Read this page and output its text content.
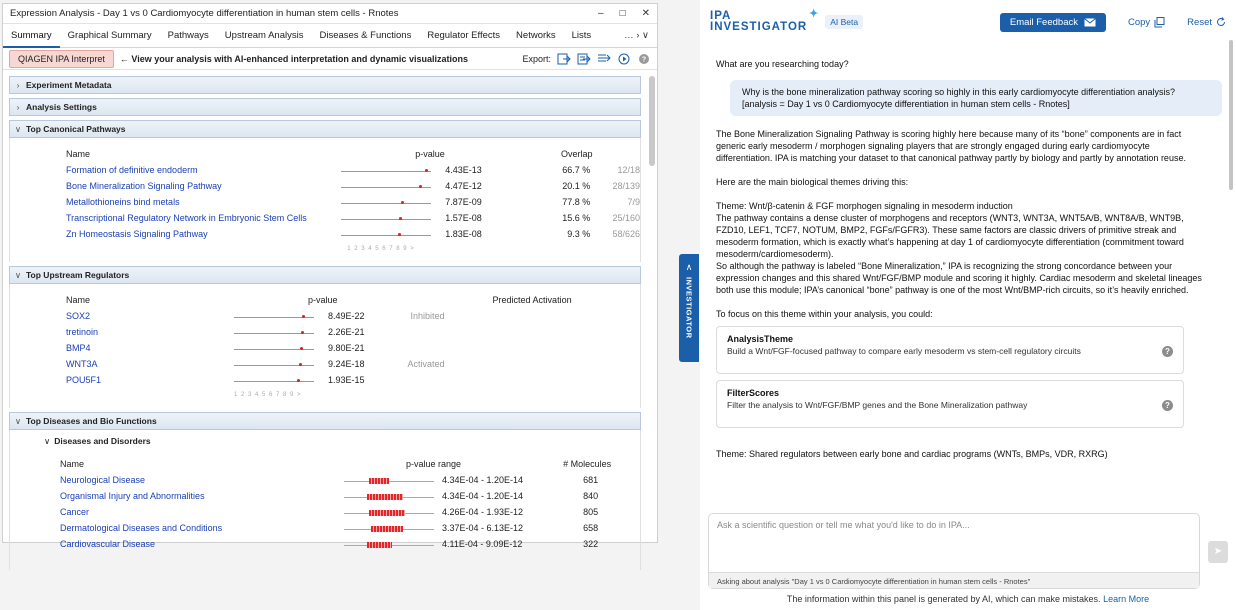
Expression Analysis - Day 1 vs 0 Cardiomyocyte differentiation in human stem cells - Rnotes	– □ ✕
Summary	Graphical Summary	Pathways	Upstream Analysis	Diseases & Functions	Regulator Effects	Networks	Lists	… › ∨
QIAGEN IPA Interpret	← View your analysis with AI-enhanced interpretation and dynamic visualizations	Export:	?
› Experiment Metadata
› Analysis Settings
∨ Top Canonical Pathways
Name	p-value	Overlap	
Formation of definitive endoderm	4.43E-13	66.7 %	12/18
Bone Mineralization Signaling Pathway	4.47E-12	20.1 %	28/139
Metallothioneins bind metals	7.87E-09	77.8 %	7/9
Transcriptional Regulatory Network in Embryonic Stem Cells	1.57E-08	15.6 %	25/160
Zn Homeostasis Signaling Pathway	1.83E-08	9.3 %	58/626
	1 2 3 4 5 6 7 8 9 >		
∨ Top Upstream Regulators
Name	p-value		Predicted Activation
SOX2	8.49E-22	Inhibited	
tretinoin	2.26E-21		
BMP4	9.80E-21		
WNT3A	9.24E-18	Activated	
POU5F1	1.93E-15		
	1 2 3 4 5 6 7 8 9 >		
∨ Top Diseases and Bio Functions
∨ Diseases and Disorders
Name	p-value range	# Molecules
Neurological Disease	4.34E-04 - 1.20E-14	681
Organismal Injury and Abnormalities	4.34E-04 - 1.20E-14	840
Cancer	4.26E-04 - 1.93E-12	805
Dermatological Diseases and Conditions	3.37E-04 - 6.13E-12	658
Cardiovascular Disease	4.11E-04 - 9.09E-12	322
∧
INVESTIGATOR
IPA
INVESTIGATOR
✦
AI Beta	Email Feedback	Copy	Reset
What are you researching today?
Why is the bone mineralization pathway scoring so highly in this early cardiomyocyte differentiation analysis?
[analysis = Day 1 vs 0 Cardiomyocyte differentiation in human stem cells - Rnotes]
The Bone Mineralization Signaling Pathway is scoring highly here because many of its “bone” components are in fact generic early mesoderm / morphogen signaling players that are strongly engaged during early cardiomyocyte differentiation. IPA is matching your dataset to that canonical pathway partly by biology and partly by annotation reuse.
Here are the main biological themes driving this:
Theme: Wnt/β-catenin & FGF morphogen signaling in mesoderm induction
The pathway contains a dense cluster of morphogens and receptors (WNT3, WNT3A, WNT5A/B, WNT8A/B, WNT9B, FZD10, LEF1, TCF7, NOTUM, BMP2, FGFs/FGFR3). These same factors are classic drivers of primitive streak and mesoderm formation, which is exactly what’s happening at day 1 of cardiomyocyte differentiation (commitment toward mesoderm/cardiomesoderm).
So although the pathway is labeled “Bone Mineralization,” IPA is recognizing the strong concordance between your expression changes and this shared Wnt/FGF/BMP module and scoring it highly. Cardiac mesoderm and skeletal lineages both use this module; IPA’s canonical “bone” pathway is one of the most Wnt/BMP-rich circuits, so it’s heavily enriched.
To focus on this theme within your analysis, you could:
AnalysisTheme
Build a Wnt/FGF-focused pathway to compare early mesoderm vs stem-cell regulatory circuits	?
FilterScores
Filter the analysis to Wnt/FGF/BMP genes and the Bone Mineralization pathway	?
Theme: Shared regulators between early bone and cardiac programs (WNTs, BMPs, VDR, RXRG)
Ask a scientific question or tell me what you'd like to do in IPA...
Asking about analysis "Day 1 vs 0 Cardiomyocyte differentiation in human stem cells - Rnotes"
➤
The information within this panel is generated by AI, which can make mistakes. Learn More
